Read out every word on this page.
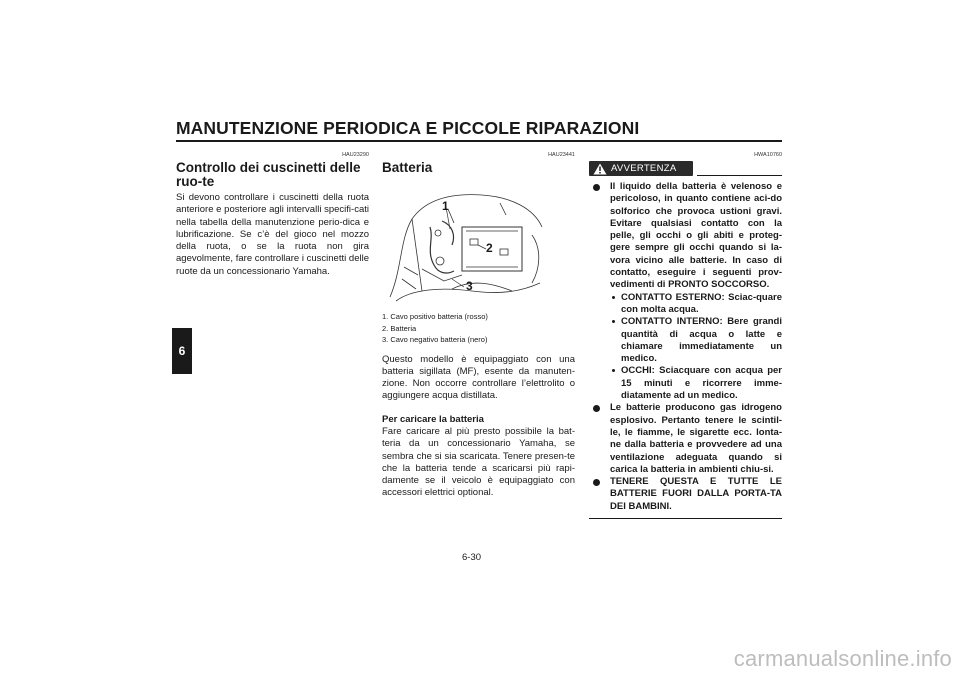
MANUTENZIONE PERIODICA E PICCOLE RIPARAZIONI
6
HAU23290
Controllo dei cuscinetti delle ruo-te

Si devono controllare i cuscinetti della ruota anteriore e posteriore agli intervalli specifi-cati nella tabella della manutenzione perio-dica e lubrificazione. Se c’è del gioco nel mozzo della ruota, o se la ruota non gira agevolmente, fare controllare i cuscinetti delle ruote da un concessionario Yamaha.

HAU23441
Batteria
1
2
3
1. Cavo positivo batteria (rosso)
2. Batteria
3. Cavo negativo batteria (nero)

Questo modello è equipaggiato con una batteria sigillata (MF), esente da manuten-zione. Non occorre controllare l’elettrolito o aggiungere acqua distillata.

Per caricare la batteria

Fare caricare al più presto possibile la bat-teria da un concessionario Yamaha, se sembra che si sia scaricata. Tenere presen-te che la batteria tende a scaricarsi più rapi-damente se il veicolo è equipaggiato con accessori elettrici optional.

HWA10760
AVVERTENZA
Il liquido della batteria è velenoso e pericoloso, in quanto contiene aci-do solforico che provoca ustioni gravi. Evitare qualsiasi contatto con la pelle, gli occhi o gli abiti e proteg-gere sempre gli occhi quando si la-vora vicino alle batterie. In caso di contatto, eseguire i seguenti prov-vedimenti di PRONTO SOCCORSO.
CONTATTO ESTERNO: Sciac-quare con molta acqua.
CONTATTO INTERNO: Bere grandi quantità di acqua o latte e chiamare immediatamente un medico.
OCCHI: Sciacquare con acqua per 15 minuti e ricorrere imme-diatamente ad un medico.
Le batterie producono gas idrogeno esplosivo. Pertanto tenere le scintil-le, le fiamme, le sigarette ecc. lonta-ne dalla batteria e provvedere ad una ventilazione adeguata quando si carica la batteria in ambienti chiu-si.
TENERE QUESTA E TUTTE LE BATTERIE FUORI DALLA PORTA-TA DEI BAMBINI.
6-30
carmanualsonline.info
